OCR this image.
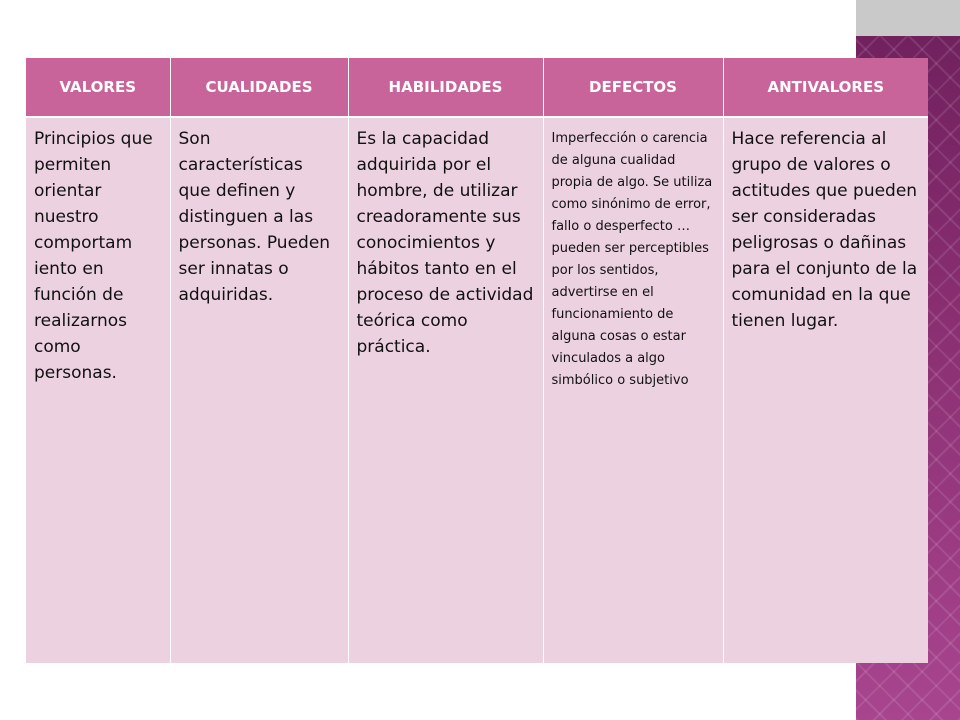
VALORES	CUALIDADES	HABILIDADES	DEFECTOS	ANTIVALORES
Principios que permiten orientar nuestro comportam iento en función de realizarnos como personas.	Son características que definen y distinguen a las personas. Pueden ser innatas o adquiridas.	Es la capacidad adquirida por el hombre, de utilizar creadoramente sus conocimientos y hábitos tanto en el proceso de actividad teórica como práctica.	Imperfección o carencia de alguna cualidad propia de algo. Se utiliza como sinónimo de error, fallo o desperfecto … pueden ser perceptibles por los sentidos, advertirse en el funcionamiento de alguna cosas o estar vinculados a algo simbólico o subjetivo	Hace referencia al grupo de valores o actitudes que pueden ser consideradas peligrosas o dañinas para el conjunto de la comunidad en la que tienen lugar.
